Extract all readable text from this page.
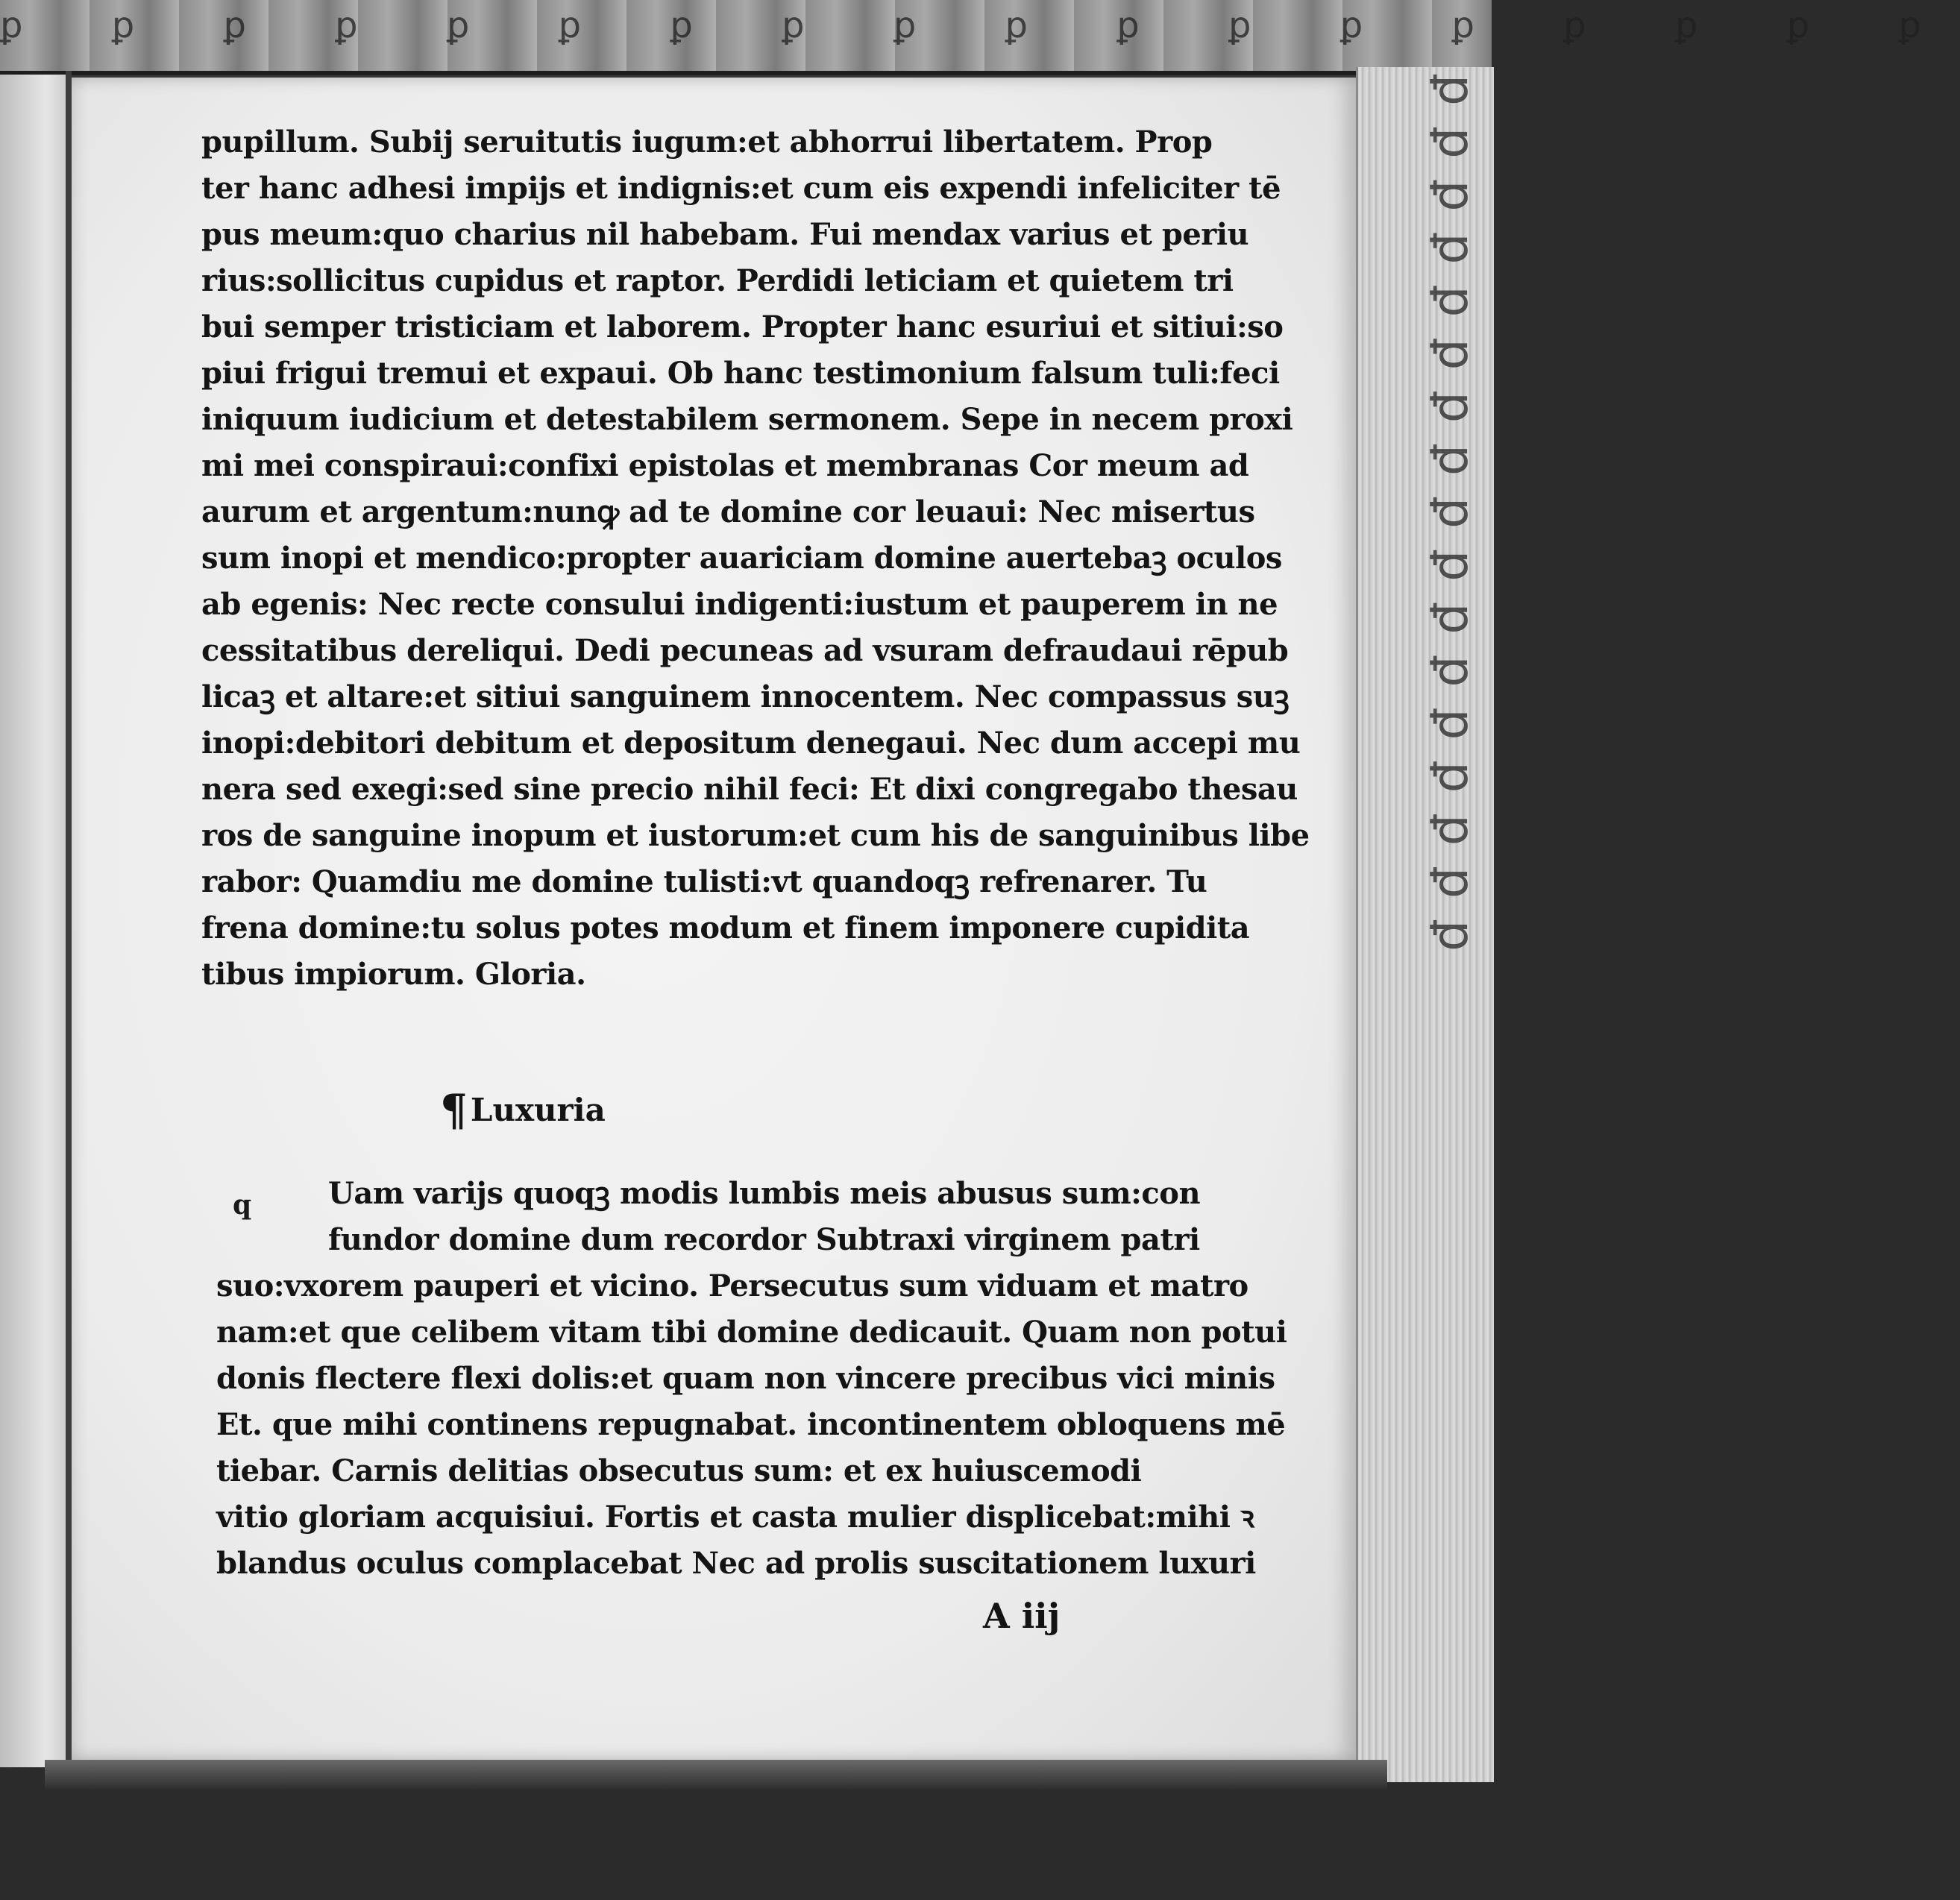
ꝑ ꝑ ꝑ ꝑ ꝑ ꝑ ꝑ ꝑ ꝑ ꝑ ꝑ ꝑ ꝑ ꝑ ꝑ ꝑ ꝑ ꝑ
ꝑ ꝑ ꝑ ꝑ ꝑ ꝑ ꝑ ꝑ ꝑ ꝑ ꝑ ꝑ ꝑ ꝑ ꝑ ꝑ ꝑ
pupillum. Subij seruitutis iugum:et abhorrui libertatem. Prop
ter hanc adhesi impijs et indignis:et cum eis expendi infeliciter tē
pus meum:quo charius nil habebam. Fui mendax varius et periu
rius:sollicitus cupidus et raptor. Perdidi leticiam et quietem tri
bui semper tristiciam et laborem. Propter hanc esuriui et sitiui:so
piui frigui tremui et expaui. Ob hanc testimonium falsum tuli:feci
iniquum iudicium et detestabilem sermonem. Sepe in necem proxi
mi mei conspiraui:confixi epistolas et membranas Cor meum ad
aurum et argentum:nunꝙ ad te domine cor leuaui: Nec misertus
sum inopi et mendico:propter auariciam domine auertebaꝫ oculos
ab egenis: Nec recte consului indigenti:iustum et pauperem in ne
cessitatibus dereliqui. Dedi pecuneas ad vsuram defraudaui rēpub
licaꝫ et altare:et sitiui sanguinem innocentem. Nec compassus suꝫ
inopi:debitori debitum et depositum denegaui. Nec dum accepi mu
nera sed exegi:sed sine precio nihil feci: Et dixi congregabo thesau
ros de sanguine inopum et iustorum:et cum his de sanguinibus libe
rabor: Quamdiu me domine tulisti:vt quandoqꝫ refrenarer. Tu
frena domine:tu solus potes modum et finem imponere cupidita
tibus impiorum. Gloria.
¶Luxuria
q	Uam varijs quoqꝫ modis lumbis meis abusus sum:con
fundor domine dum recordor Subtraxi virginem patri
suo:vxorem pauperi et vicino. Persecutus sum viduam et matro
nam:et que celibem vitam tibi domine dedicauit. Quam non potui
donis flectere flexi dolis:et quam non vincere precibus vici minis
Et. que mihi continens repugnabat. incontinentem obloquens mē
tiebar. Carnis delitias obsecutus sum: et ex huiuscemodi
vitio gloriam acquisiui. Fortis et casta mulier displicebat:mihi ꝛ
blandus oculus complacebat Nec ad prolis suscitationem luxuri
A iij
